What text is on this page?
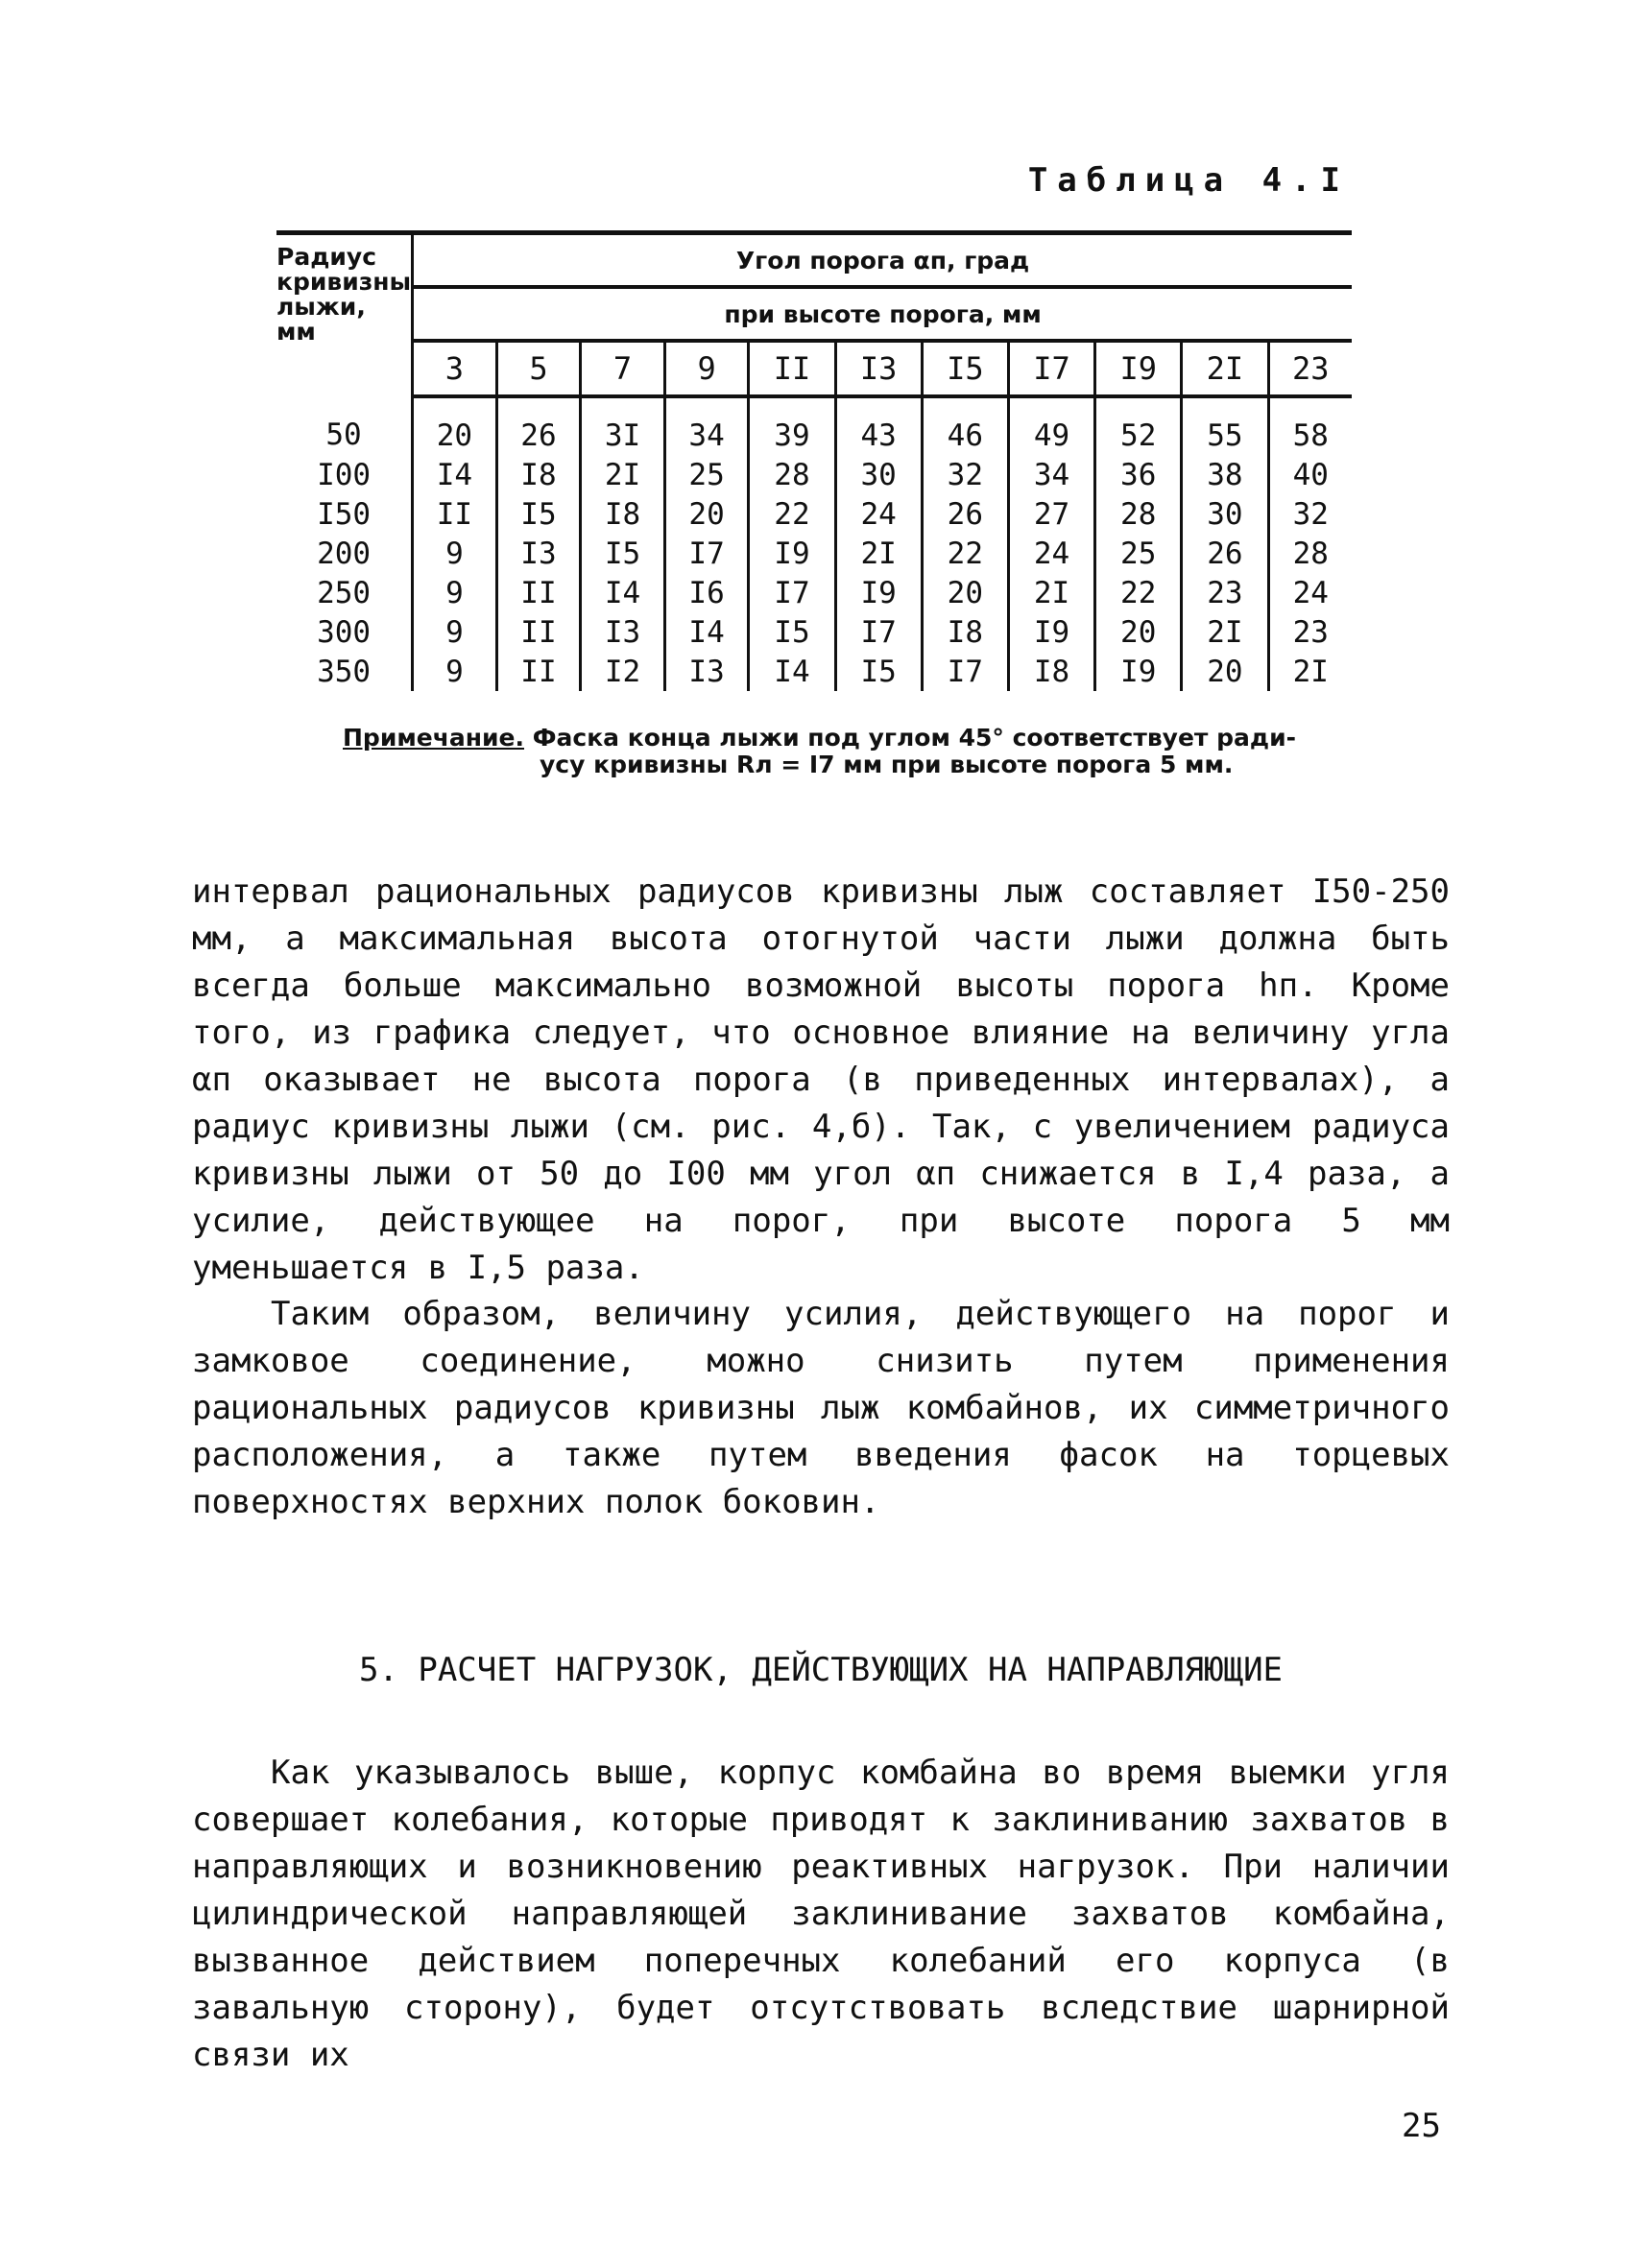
Таблица 4.I
Радиус кривизны лыжи, мм	Угол порога αп, град										
	при высоте порога, мм										
	3	5	7	9	II	I3	I5	I7	I9	2I	23
50	20	26	3I	34	39	43	46	49	52	55	58
I00	I4	I8	2I	25	28	30	32	34	36	38	40
I50	II	I5	I8	20	22	24	26	27	28	30	32
200	9	I3	I5	I7	I9	2I	22	24	25	26	28
250	9	II	I4	I6	I7	I9	20	2I	22	23	24
300	9	II	I3	I4	I5	I7	I8	I9	20	2I	23
350	9	II	I2	I3	I4	I5	I7	I8	I9	20	2I
Примечание. Фаска конца лыжи под углом 45° соответствует ради-
усу кривизны Rл = I7 мм при высоте порога 5 мм.
интервал рациональных радиусов кривизны лыж составляет I50-250 мм, а максимальная высота отогнутой части лыжи должна быть всегда больше максимально возможной высоты порога hп. Кроме того, из графика следует, что основное влияние на величину угла αп оказывает не высота порога (в приведенных интервалах), а радиус кривизны лыжи (см. рис. 4,б). Так, с увеличением радиуса кривизны лыжи от 50 до I00 мм угол αп снижается в I,4 раза, а усилие, действующее на порог, при высоте порога 5 мм уменьшается в I,5 раза.
Таким образом, величину усилия, действующего на порог и замковое соединение, можно снизить путем применения рациональных радиусов кривизны лыж комбайнов, их симметричного расположения, а также путем введения фасок на торцевых поверхностях верхних полок боковин.
5. РАСЧЕТ НАГРУЗОК, ДЕЙСТВУЮЩИХ НА НАПРАВЛЯЮЩИЕ
Как указывалось выше, корпус комбайна во время выемки угля совершает колебания, которые приводят к заклиниванию захватов в направляющих и возникновению реактивных нагрузок. При наличии цилиндрической направляющей заклинивание захватов комбайна, вызванное действием поперечных колебаний его корпуса (в завальную сторону), будет отсутствовать вследствие шарнирной связи их
25
